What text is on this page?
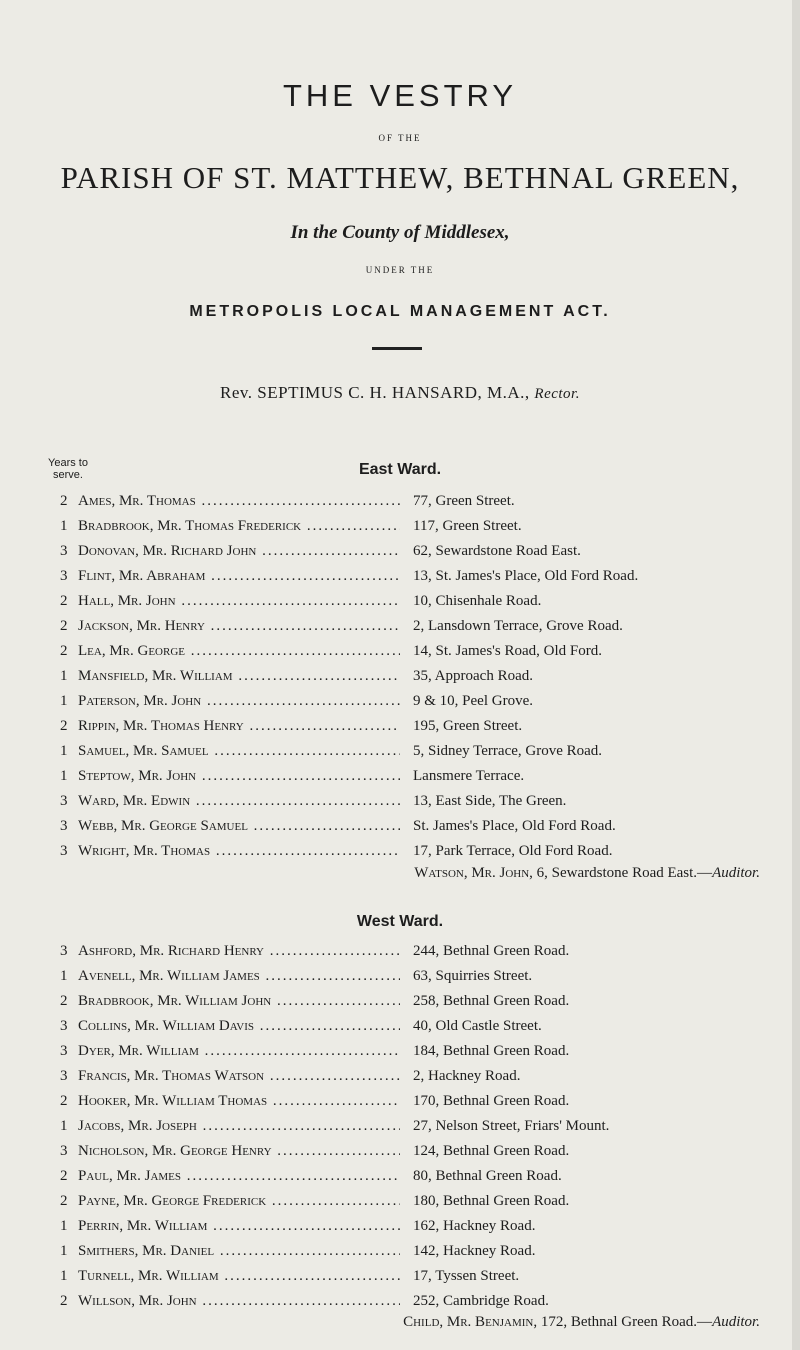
THE VESTRY
OF THE
PARISH OF ST. MATTHEW, BETHNAL GREEN,
In the County of Middlesex,
UNDER THE
METROPOLIS LOCAL MANAGEMENT ACT.
Rev. SEPTIMUS C. H. HANSARD, M.A., Rector.
Years to
serve.	East Ward.
2 Ames, Mr. Thomas .....	77, Green Street.
1 Bradbrook, Mr. Thomas Frederick .....	117, Green Street.
3 Donovan, Mr. Richard John .....	62, Sewardstone Road East.
3 Flint, Mr. Abraham .....	13, St. James's Place, Old Ford Road.
2 Hall, Mr. John .....	10, Chisenhale Road.
2 Jackson, Mr. Henry .....	2, Lansdown Terrace, Grove Road.
2 Lea, Mr. George .....	14, St. James's Road, Old Ford.
1 Mansfield, Mr. William .....	35, Approach Road.
1 Paterson, Mr. John .....	9 & 10, Peel Grove.
2 Rippin, Mr. Thomas Henry .....	195, Green Street.
1 Samuel, Mr. Samuel .....	5, Sidney Terrace, Grove Road.
1 Steptow, Mr. John .....	Lansmere Terrace.
3 Ward, Mr. Edwin .....	13, East Side, The Green.
3 Webb, Mr. George Samuel .....	St. James's Place, Old Ford Road.
3 Wright, Mr. Thomas .....	17, Park Terrace, Old Ford Road.
Watson, Mr. John, 6, Sewardstone Road East.—Auditor.
West Ward.
3 Ashford, Mr. Richard Henry .....	244, Bethnal Green Road.
1 Avenell, Mr. William James .....	63, Squirries Street.
2 Bradbrook, Mr. William John .....	258, Bethnal Green Road.
3 Collins, Mr. William Davis .....	40, Old Castle Street.
3 Dyer, Mr. William .....	184, Bethnal Green Road.
3 Francis, Mr. Thomas Watson .....	2, Hackney Road.
2 Hooker, Mr. William Thomas .....	170, Bethnal Green Road.
1 Jacobs, Mr. Joseph .....	27, Nelson Street, Friars' Mount.
3 Nicholson, Mr. George Henry .....	124, Bethnal Green Road.
2 Paul, Mr. James .....	80, Bethnal Green Road.
2 Payne, Mr. George Frederick .....	180, Bethnal Green Road.
1 Perrin, Mr. William .....	162, Hackney Road.
1 Smithers, Mr. Daniel .....	142, Hackney Road.
1 Turnell, Mr. William .....	17, Tyssen Street.
2 Willson, Mr. John .....	252, Cambridge Road.
Child, Mr. Benjamin, 172, Bethnal Green Road.—Auditor.
